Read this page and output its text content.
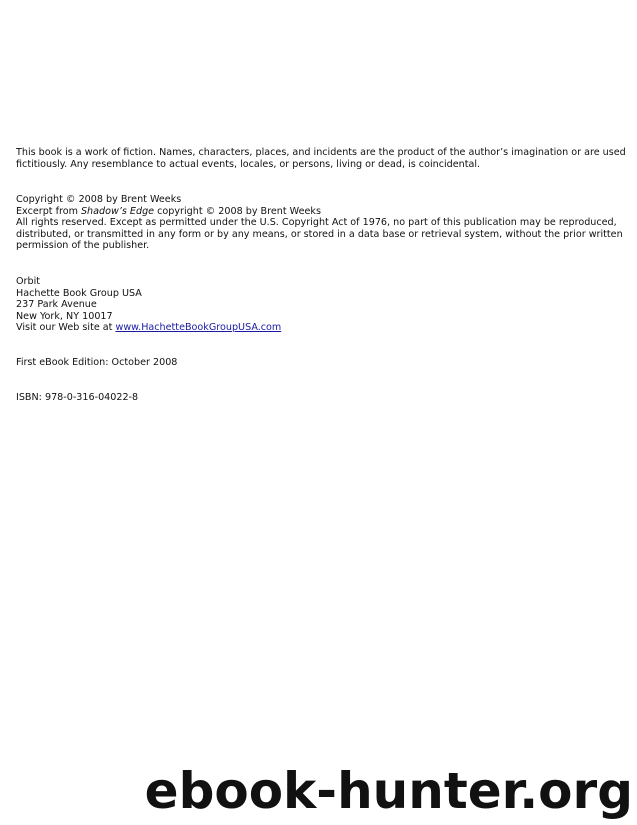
This book is a work of fiction. Names, characters, places, and incidents are the product of the author’s imagination or are used
fictitiously. Any resemblance to actual events, locales, or persons, living or dead, is coincidental.
Copyright © 2008 by Brent Weeks
Excerpt from Shadow’s Edge copyright © 2008 by Brent Weeks
All rights reserved. Except as permitted under the U.S. Copyright Act of 1976, no part of this publication may be reproduced,
distributed, or transmitted in any form or by any means, or stored in a data base or retrieval system, without the prior written
permission of the publisher.
Orbit
Hachette Book Group USA
237 Park Avenue
New York, NY 10017
Visit our Web site at www.HachetteBookGroupUSA.com
First eBook Edition: October 2008
ISBN: 978-0-316-04022-8
ebook-hunter.org
